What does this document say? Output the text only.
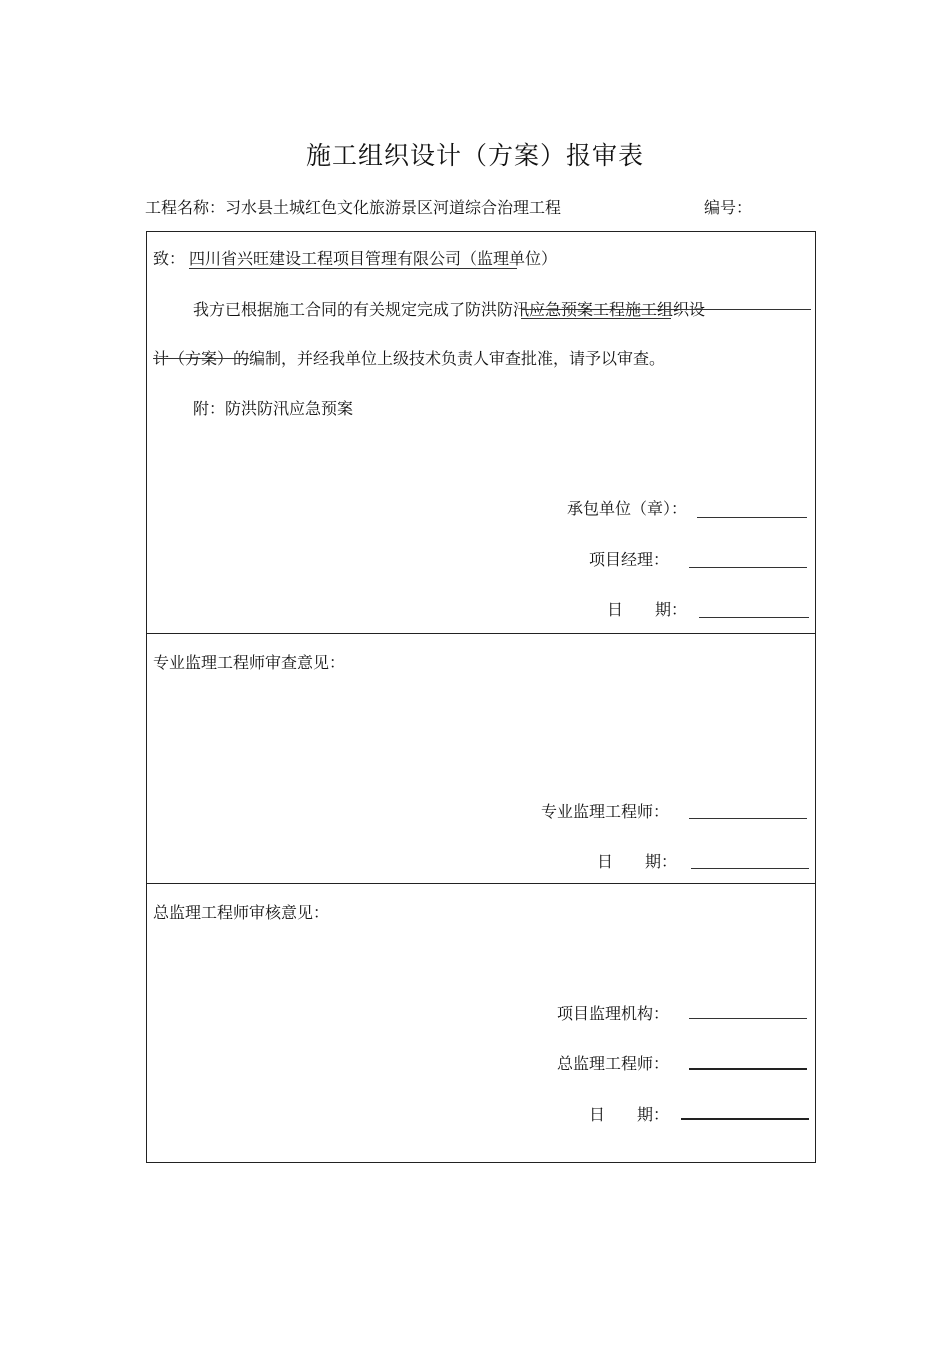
施工组织设计（方案）报审表
工程名称：习水县土城红色文化旅游景区河道综合治理工程	编号：
致： 四川省兴旺建设工程项目管理有限公司（监理单位）
我方已根据施工合同的有关规定完成了防洪防汛应急预案工程施工组织设
计（方案）的编制，并经我单位上级技术负责人审查批准，请予以审查。
附：防洪防汛应急预案
承包单位（章）：
项目经理：
日　　期：
专业监理工程师审查意见：
专业监理工程师：
日　　期：
总监理工程师审核意见：
项目监理机构：
总监理工程师：
日　　期：
